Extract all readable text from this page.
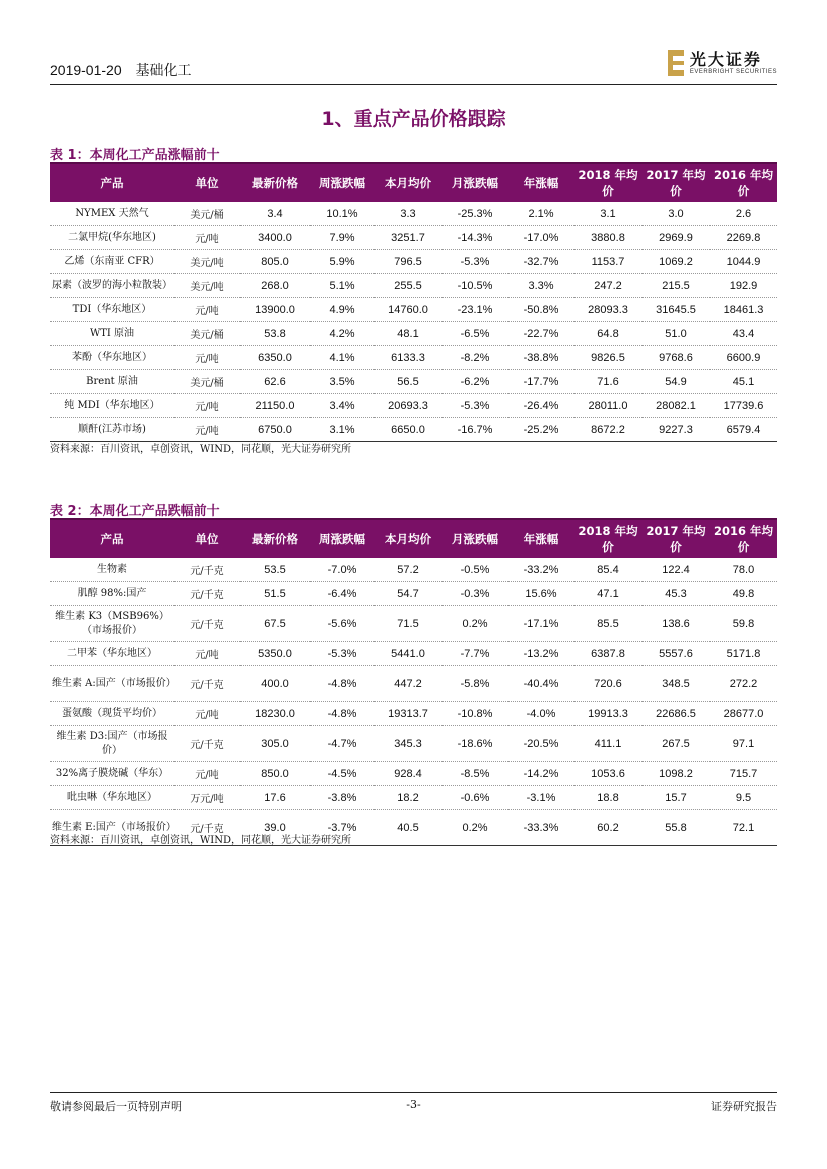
2019-01-20 基础化工
光大证券
EVERBRIGHT SECURITIES
1、重点产品价格跟踪
表 1：本周化工产品涨幅前十
产品	单位	最新价格	周涨跌幅	本月均价	月涨跌幅	年涨幅	2018 年均价	2017 年均价	2016 年均价
NYMEX 天然气	美元/桶	3.4	10.1%	3.3	-25.3%	2.1%	3.1	3.0	2.6
二氯甲烷(华东地区)	元/吨	3400.0	7.9%	3251.7	-14.3%	-17.0%	3880.8	2969.9	2269.8
乙烯（东南亚 CFR）	美元/吨	805.0	5.9%	796.5	-5.3%	-32.7%	1153.7	1069.2	1044.9
尿素（波罗的海小粒散装）	美元/吨	268.0	5.1%	255.5	-10.5%	3.3%	247.2	215.5	192.9
TDI（华东地区）	元/吨	13900.0	4.9%	14760.0	-23.1%	-50.8%	28093.3	31645.5	18461.3
WTI 原油	美元/桶	53.8	4.2%	48.1	-6.5%	-22.7%	64.8	51.0	43.4
苯酚（华东地区）	元/吨	6350.0	4.1%	6133.3	-8.2%	-38.8%	9826.5	9768.6	6600.9
Brent 原油	美元/桶	62.6	3.5%	56.5	-6.2%	-17.7%	71.6	54.9	45.1
纯 MDI（华东地区）	元/吨	21150.0	3.4%	20693.3	-5.3%	-26.4%	28011.0	28082.1	17739.6
顺酐(江苏市场)	元/吨	6750.0	3.1%	6650.0	-16.7%	-25.2%	8672.2	9227.3	6579.4
资料来源：百川资讯，卓创资讯，WIND，同花顺，光大证券研究所
表 2：本周化工产品跌幅前十
产品	单位	最新价格	周涨跌幅	本月均价	月涨跌幅	年涨幅	2018 年均价	2017 年均价	2016 年均价
生物素	元/千克	53.5	-7.0%	57.2	-0.5%	-33.2%	85.4	122.4	78.0
肌醇 98%:国产	元/千克	51.5	-6.4%	54.7	-0.3%	15.6%	47.1	45.3	49.8
维生素 K3（MSB96%）（市场报价）	元/千克	67.5	-5.6%	71.5	0.2%	-17.1%	85.5	138.6	59.8
二甲苯（华东地区）	元/吨	5350.0	-5.3%	5441.0	-7.7%	-13.2%	6387.8	5557.6	5171.8
维生素 A:国产（市场报价）	元/千克	400.0	-4.8%	447.2	-5.8%	-40.4%	720.6	348.5	272.2
蛋氨酸（现货平均价）	元/吨	18230.0	-4.8%	19313.7	-10.8%	-4.0%	19913.3	22686.5	28677.0
维生素 D3:国产（市场报价）	元/千克	305.0	-4.7%	345.3	-18.6%	-20.5%	411.1	267.5	97.1
32%离子膜烧碱（华东）	元/吨	850.0	-4.5%	928.4	-8.5%	-14.2%	1053.6	1098.2	715.7
吡虫啉（华东地区）	万元/吨	17.6	-3.8%	18.2	-0.6%	-3.1%	18.8	15.7	9.5
维生素 E:国产（市场报价）	元/千克	39.0	-3.7%	40.5	0.2%	-33.3%	60.2	55.8	72.1
资料来源：百川资讯，卓创资讯，WIND，同花顺，光大证券研究所
敬请参阅最后一页特别声明	-3-	证券研究报告
